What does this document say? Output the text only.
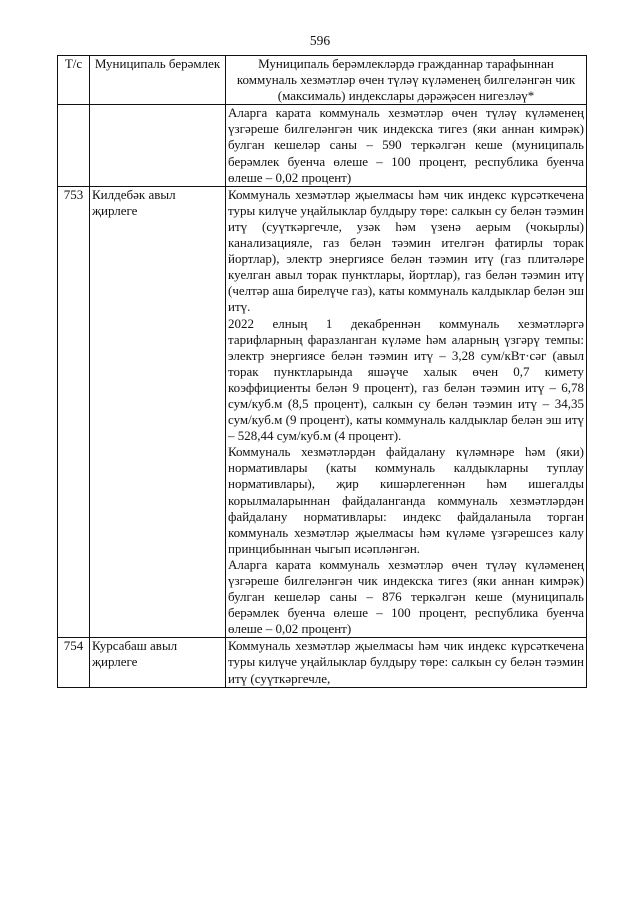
596
Т/с	Муниципаль берәмлек	Муниципаль берәмлекләрдә гражданнар тарафыннан коммуналь хезмәтләр өчен түләү күләменең билгеләнгән чик (максималь) индекслары дәрәҗәсен нигезләү*

		Аларга карата коммуналь хезмәтләр өчен түләү күләменең үзгәреше билгеләнгән чик индекска тигез (яки аннан кимрәк) булган кешеләр саны – 590 теркәлгән кеше (муниципаль берәмлек буенча өлеше – 100 процент, республика буенча өлеше – 0,02 процент)

753	Килдебәк авыл җирлеге	Коммуналь хезмәтләр җыелмасы һәм чик индекс күрсәткечена туры килүче уңайлыклар булдыру төре: салкын су белән тәэмин итү (суүткәргечле, узәк һәм үзенә аерым (чокырлы) канализацияле, газ белән тәэмин ителгән фатирлы торак йортлар), электр энергиясе белән тәэмин итү (газ плитәләре куелган авыл торак пунктлары, йортлар), газ белән тәэмин итү (челтәр аша бирелүче газ), каты коммуналь калдыклар белән эш итү.
2022 елның 1 декабреннән коммуналь хезмәтләргә тарифларның фаразланган күләме һәм аларның үзгәрү темпы: электр энергиясе белән тәэмин итү – 3,28 сум/кВт·сәг (авыл торак пунктларында яшәүче халык өчен 0,7 кимету коэффициенты белән 9 процент), газ белән тәэмин итү – 6,78 сум/куб.м (8,5 процент), салкын су белән тәэмин итү – 34,35 сум/куб.м (9 процент), каты коммуналь калдыклар белән эш итү – 528,44 сум/куб.м (4 процент).
Коммуналь хезмәтләрдән файдалану күләмнәре һәм (яки) нормативлары (каты коммуналь калдыкларны туплау нормативлары), җир кишәрлегеннән һәм ишегалды корылмаларыннан файдаланганда коммуналь хезмәтләрдән файдалану нормативлары: индекс файдаланыла торган коммуналь хезмәтләр җыелмасы һәм күләме үзгәрешсез калу принцибыннан чыгып исәпләнгән.
Аларга карата коммуналь хезмәтләр өчен түләү күләменең үзгәреше билгеләнгән чик индекска тигез (яки аннан кимрәк) булган кешеләр саны – 876 теркәлгән кеше (муниципаль берәмлек буенча өлеше – 100 процент, республика буенча өлеше – 0,02 процент)

754	Курсабаш авыл җирлеге	Коммуналь хезмәтләр җыелмасы һәм чик индекс күрсәткечена туры килүче уңайлыклар булдыру төре: салкын су белән тәэмин итү (суүткәргечле,
